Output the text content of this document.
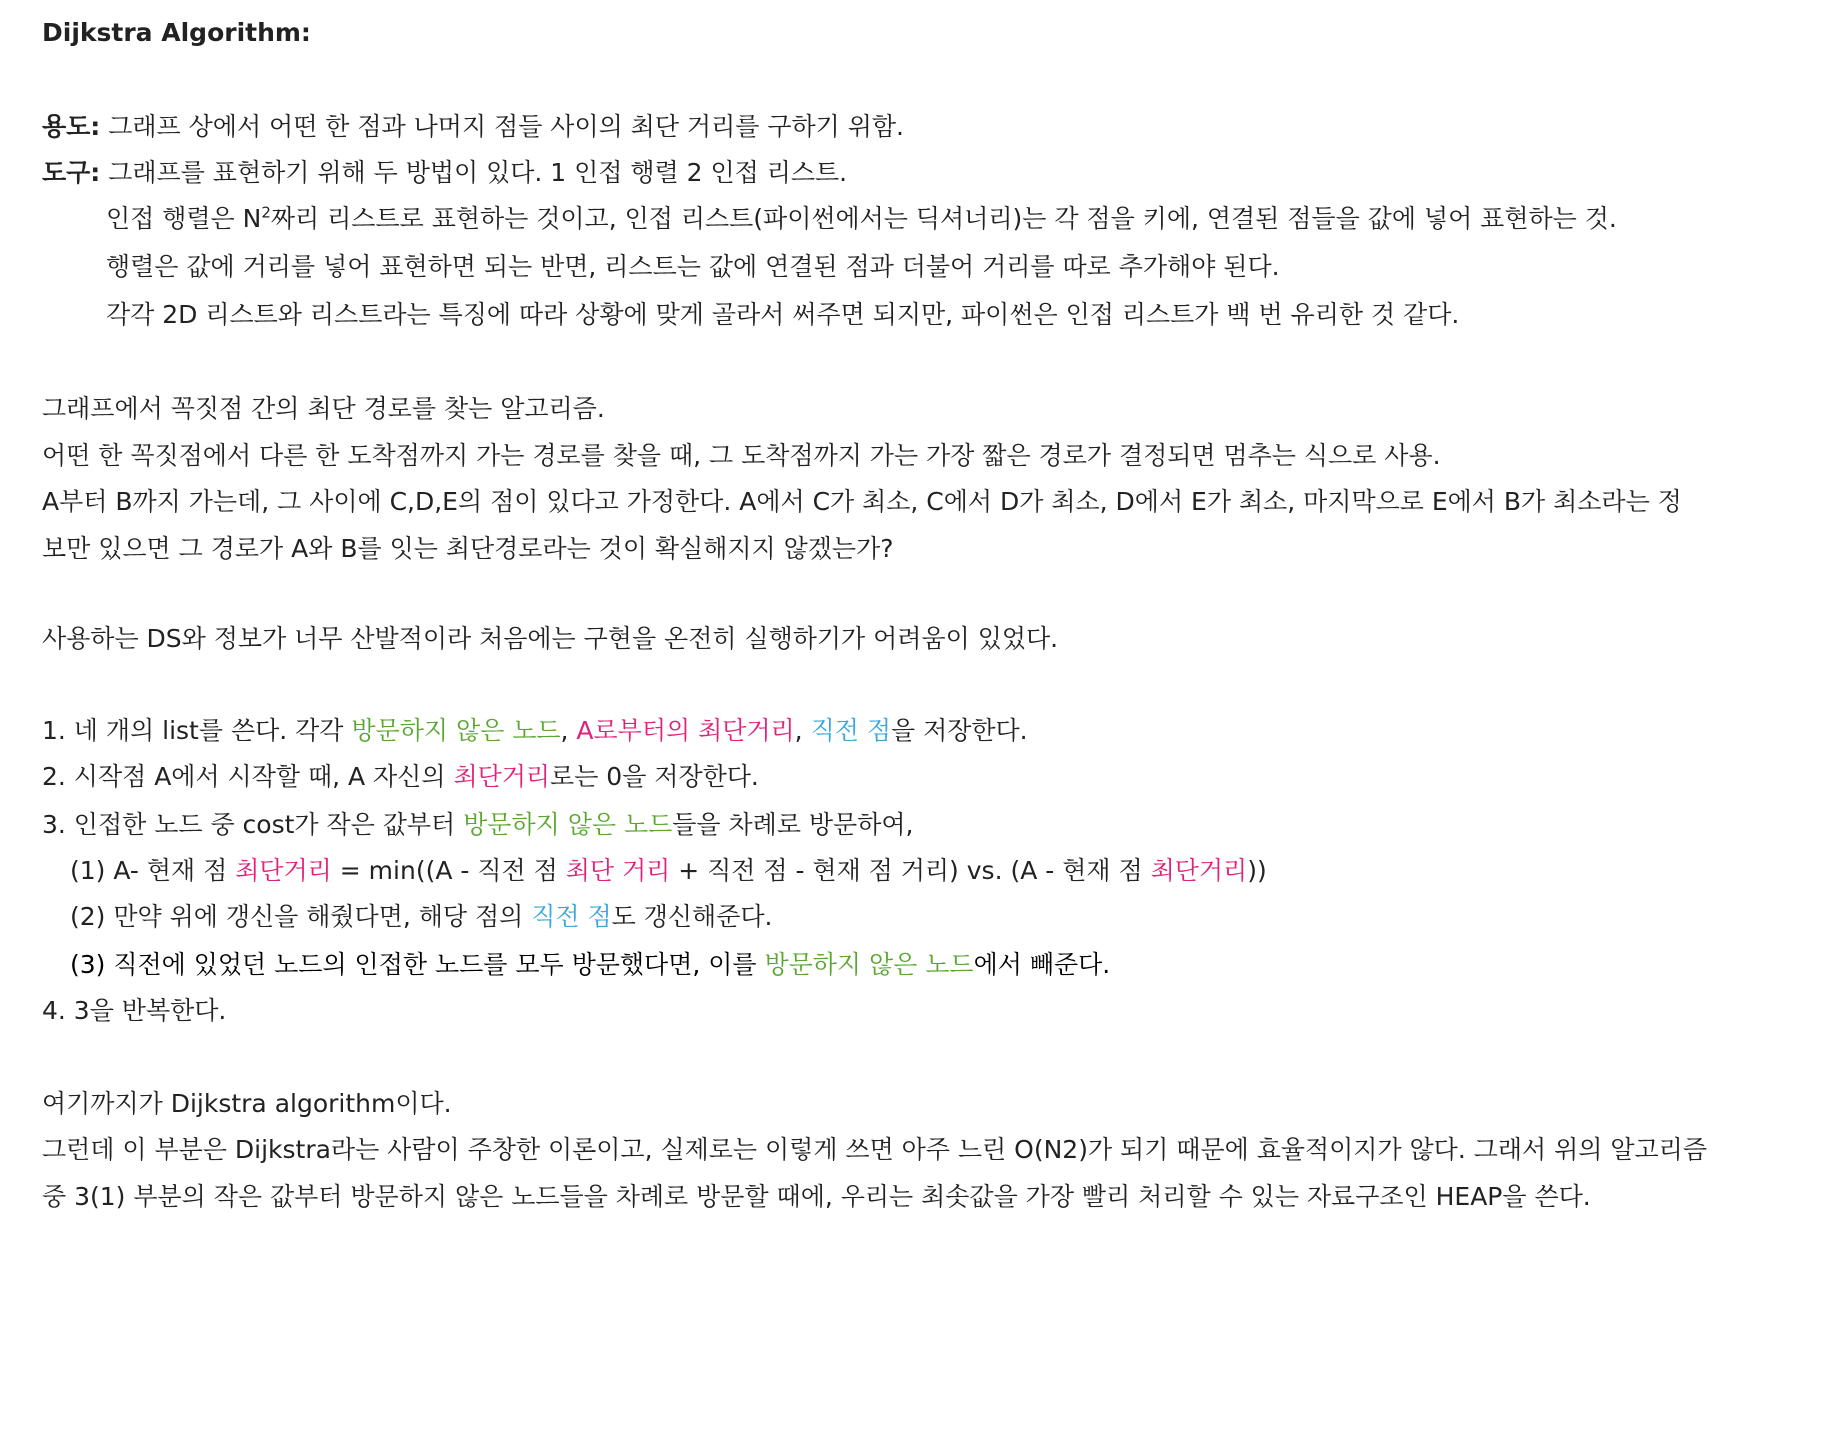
Dijkstra Algorithm:
용도: 그래프 상에서 어떤 한 점과 나머지 점들 사이의 최단 거리를 구하기 위함.
도구: 그래프를 표현하기 위해 두 방법이 있다. 1 인접 행렬 2 인접 리스트.
인접 행렬은 $N^2$짜리 리스트로 표현하는 것이고, 인접 리스트(파이썬에서는 딕셔너리)는 각 점을 키에, 연결된 점들을 값에 넣어 표현하는 것.
행렬은 값에 거리를 넣어 표현하면 되는 반면, 리스트는 값에 연결된 점과 더불어 거리를 따로 추가해야 된다.
각각 2D 리스트와 리스트라는 특징에 따라 상황에 맞게 골라서 써주면 되지만, 파이썬은 인접 리스트가 백 번 유리한 것 같다.
그래프에서 꼭짓점 간의 최단 경로를 찾는 알고리즘.
어떤 한 꼭짓점에서 다른 한 도착점까지 가는 경로를 찾을 때, 그 도착점까지 가는 가장 짧은 경로가 결정되면 멈추는 식으로 사용.
A부터 B까지 가는데, 그 사이에 C,D,E의 점이 있다고 가정한다. A에서 C가 최소, C에서 D가 최소, D에서 E가 최소, 마지막으로 E에서 B가 최소라는 정
보만 있으면 그 경로가 A와 B를 잇는 최단경로라는 것이 확실해지지 않겠는가?
사용하는 DS와 정보가 너무 산발적이라 처음에는 구현을 온전히 실행하기가 어려움이 있었다.
1. 네 개의 list를 쓴다. 각각 방문하지 않은 노드, A로부터의 최단거리, 직전 점을 저장한다.
2. 시작점 A에서 시작할 때, A 자신의 최단거리로는 0을 저장한다.
3. 인접한 노드 중 cost가 작은 값부터 방문하지 않은 노드들을 차례로 방문하여,
(1) A- 현재 점 최단거리 = min((A - 직전 점 최단 거리 + 직전 점 - 현재 점 거리) vs. (A - 현재 점 최단거리))
(2) 만약 위에 갱신을 해줬다면, 해당 점의 직전 점도 갱신해준다.
(3) 직전에 있었던 노드의 인접한 노드를 모두 방문했다면, 이를 방문하지 않은 노드에서 빼준다.
4. 3을 반복한다.
여기까지가 Dijkstra algorithm이다.
그런데 이 부분은 Dijkstra라는 사람이 주창한 이론이고, 실제로는 이렇게 쓰면 아주 느린 O(N2)가 되기 때문에 효율적이지가 않다. 그래서 위의 알고리즘
중 3(1) 부분의 작은 값부터 방문하지 않은 노드들을 차례로 방문할 때에, 우리는 최솟값을 가장 빨리 처리할 수 있는 자료구조인 HEAP을 쓴다.
